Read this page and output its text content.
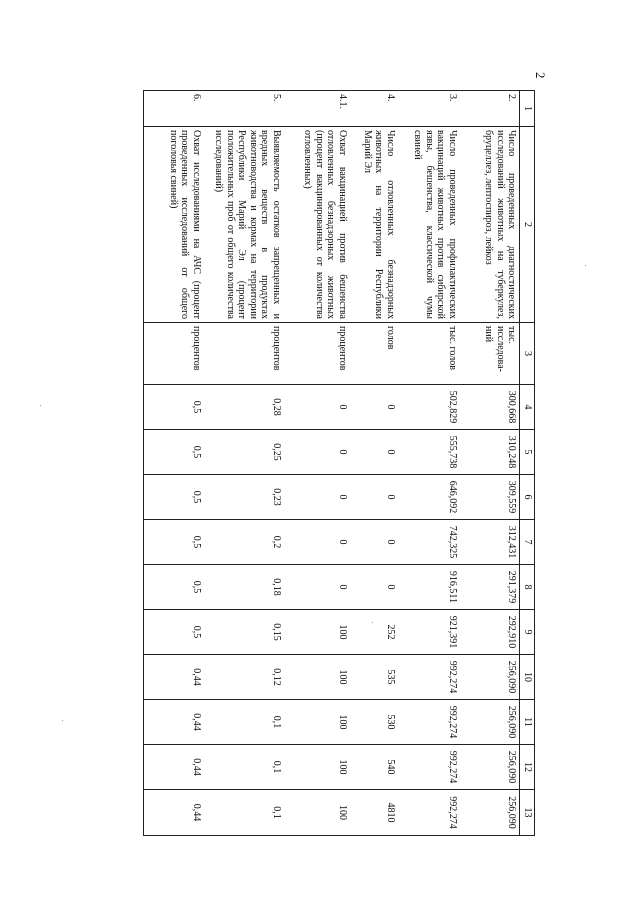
2
1	2	3	4	5	6	7	8	9	10	11	12	13
2.	Число проведенных диагностических исследований животных на туберкулез, бруцеллез, лептоспироз, лейкоз	тыс. исследова-ний	300,668	310,248	309,559	312,431	291,379	292,910	256,090	256,090	256,090	256,090
3.	Число проведенных профилактических вакцинаций животных против сибирской язвы, бешенства, классической чумы свиней	тыс. голов	502,829	555,738	646,092	742,325	916,511	921,391	992,274	992,274	992,274	992,274
4.	Число отловленных безнадзорных животных на территории Республики Марий Эл	голов	0	0	0	0	0	252	535	530	540	4810
4.1.	Охват вакцинацией против бешенства отловленных безнадзорных животных (процент вакцинированных от количества отловленных)	процентов	0	0	0	0	0	100	100	100	100	100
5.	Выявляемость остатков запрещенных и вредных веществ в продуктах животноводства и кормах на территории Республики Марий Эл (процент положительных проб от общего количества исследований)	процентов	0,28	0,25	0,23	0,2	0,18	0,15	0,12	0,1	0,1	0,1
6.	Охват исследованиями на АЧС (процент проведенных исследований от общего поголовья свиней)	процентов	0,5	0,5	0,5	0,5	0,5	0,5	0,44	0,44	0,44	0,44
